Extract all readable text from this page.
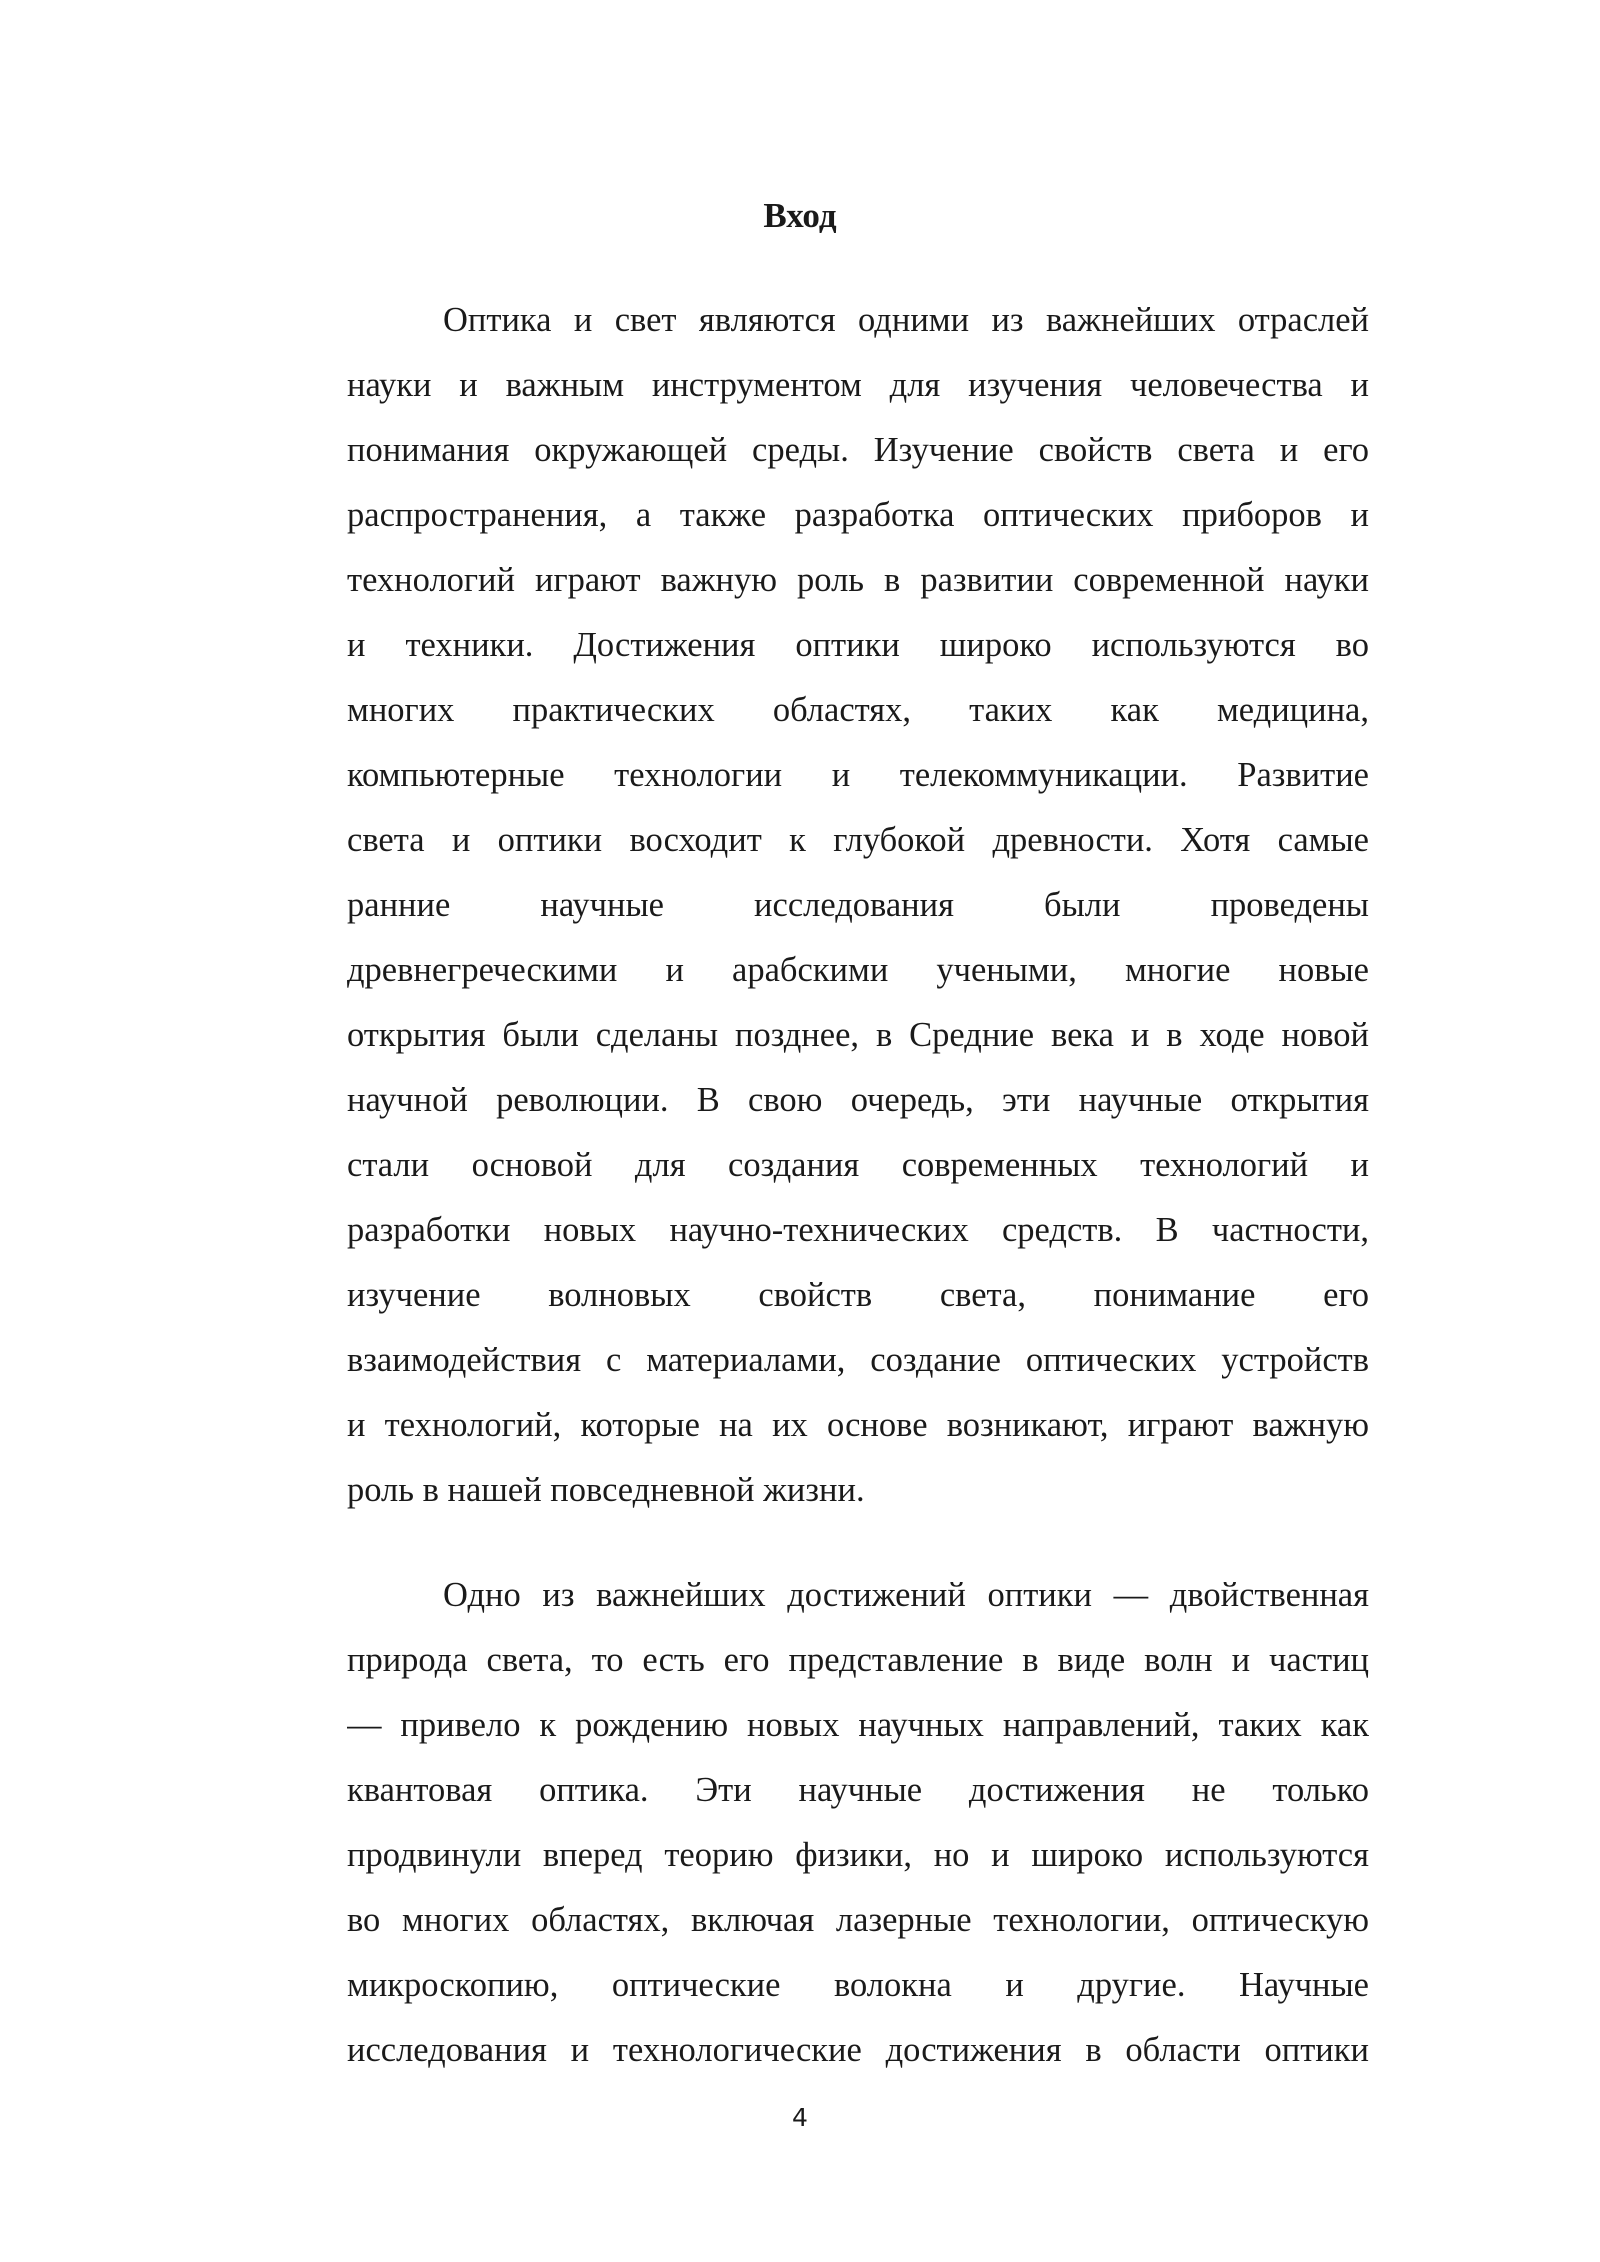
Вход
Оптика и свет являются одними из важнейших отраслей
науки и важным инструментом для изучения человечества и
понимания окружающей среды. Изучение свойств света и его
распространения, а также разработка оптических приборов и
технологий играют важную роль в развитии современной науки
и техники. Достижения оптики широко используются во
многих практических областях, таких как медицина,
компьютерные технологии и телекоммуникации. Развитие
света и оптики восходит к глубокой древности. Хотя самые
ранние научные исследования были проведены
древнегреческими и арабскими учеными, многие новые
открытия были сделаны позднее, в Средние века и в ходе новой
научной революции. В свою очередь, эти научные открытия
стали основой для создания современных технологий и
разработки новых научно-технических средств. В частности,
изучение волновых свойств света, понимание его
взаимодействия с материалами, создание оптических устройств
и технологий, которые на их основе возникают, играют важную
роль в нашей повседневной жизни.
Одно из важнейших достижений оптики — двойственная
природа света, то есть его представление в виде волн и частиц
— привело к рождению новых научных направлений, таких как
квантовая оптика. Эти научные достижения не только
продвинули вперед теорию физики, но и широко используются
во многих областях, включая лазерные технологии, оптическую
микроскопию, оптические волокна и другие. Научные
исследования и технологические достижения в области оптики
4
